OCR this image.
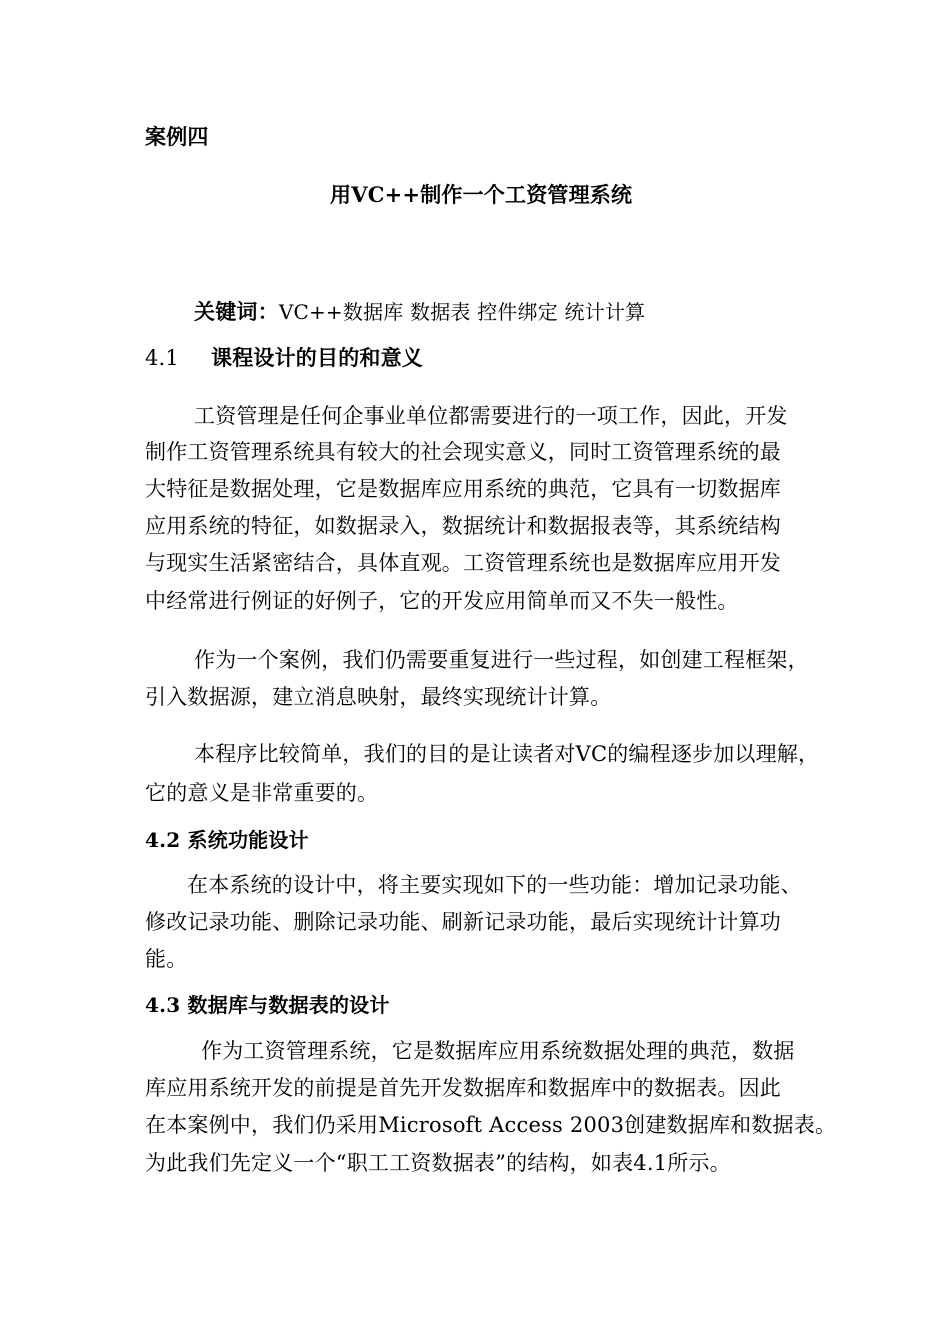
案例四
用VC++制作一个工资管理系统
关键词：VC++数据库 数据表 控件绑定 统计计算
4.1 课程设计的目的和意义
工资管理是任何企事业单位都需要进行的一项工作，因此，开发
制作工资管理系统具有较大的社会现实意义，同时工资管理系统的最
大特征是数据处理，它是数据库应用系统的典范，它具有一切数据库
应用系统的特征，如数据录入，数据统计和数据报表等，其系统结构
与现实生活紧密结合，具体直观。工资管理系统也是数据库应用开发
中经常进行例证的好例子，它的开发应用简单而又不失一般性。
作为一个案例，我们仍需要重复进行一些过程，如创建工程框架，
引入数据源，建立消息映射，最终实现统计计算。
本程序比较简单，我们的目的是让读者对VC的编程逐步加以理解，
它的意义是非常重要的。
4.2 系统功能设计
在本系统的设计中，将主要实现如下的一些功能：增加记录功能、
修改记录功能、删除记录功能、刷新记录功能，最后实现统计计算功
能。
4.3 数据库与数据表的设计
作为工资管理系统，它是数据库应用系统数据处理的典范，数据
库应用系统开发的前提是首先开发数据库和数据库中的数据表。因此
在本案例中，我们仍采用Microsoft Access 2003创建数据库和数据表。
为此我们先定义一个“职工工资数据表”的结构，如表4.1所示。
